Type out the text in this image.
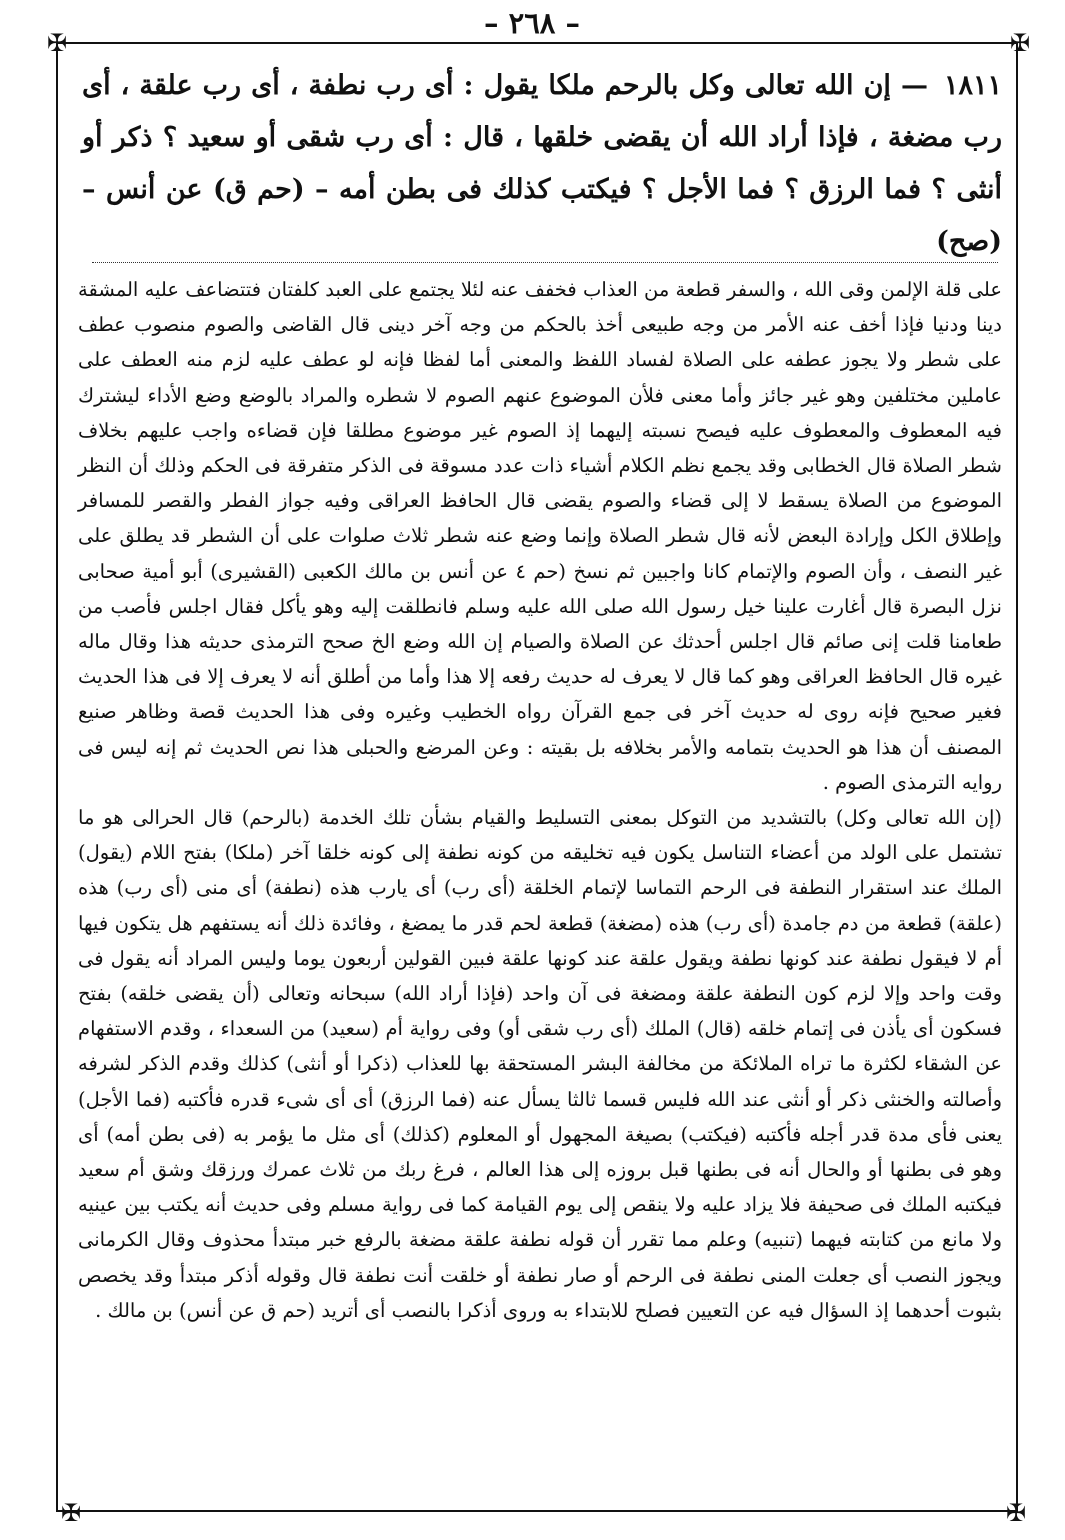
– ٢٦٨ –
✠	✠
✠	✠

١٨١١ — إن الله تعالى وكل بالرحم ملكا يقول : أى رب نطفة ، أى رب علقة ، أى رب مضغة ، فإذا أراد الله أن يقضى خلقها ، قال : أى رب شقى أو سعيد ؟ ذكر أو أنثى ؟ فما الرزق ؟ فما الأجل ؟ فيكتب كذلك فى بطن أمه – (حم ق) عن أنس – (صح)

على قلة الإلمن وقى الله ، والسفر قطعة من العذاب فخفف عنه لئلا يجتمع على العبد كلفتان فتتضاعف عليه المشقة دينا ودنيا فإذا أخف عنه الأمر من وجه طبيعى أخذ بالحكم من وجه آخر دينى قال القاضى والصوم منصوب عطف على شطر ولا يجوز عطفه على الصلاة لفساد اللفظ والمعنى أما لفظا فإنه لو عطف عليه لزم منه العطف على عاملين مختلفين وهو غير جائز وأما معنى فلأن الموضوع عنهم الصوم لا شطره والمراد بالوضع وضع الأداء ليشترك فيه المعطوف والمعطوف عليه فيصح نسبته إليهما إذ الصوم غير موضوع مطلقا فإن قضاءه واجب عليهم بخلاف شطر الصلاة قال الخطابى وقد يجمع نظم الكلام أشياء ذات عدد مسوقة فى الذكر متفرقة فى الحكم وذلك أن النظر الموضوع من الصلاة يسقط لا إلى قضاء والصوم يقضى قال الحافظ العراقى وفيه جواز الفطر والقصر للمسافر وإطلاق الكل وإرادة البعض لأنه قال شطر الصلاة وإنما وضع عنه شطر ثلاث صلوات على أن الشطر قد يطلق على غير النصف ، وأن الصوم والإتمام كانا واجبين ثم نسخ (حم ٤ عن أنس بن مالك الكعبى (القشيرى) أبو أمية صحابى نزل البصرة قال أغارت علينا خيل رسول الله صلى الله عليه وسلم فانطلقت إليه وهو يأكل فقال اجلس فأصب من طعامنا قلت إنى صائم قال اجلس أحدثك عن الصلاة والصيام إن الله وضع الخ صحح الترمذى حديثه هذا وقال ماله غيره قال الحافظ العراقى وهو كما قال لا يعرف له حديث رفعه إلا هذا وأما من أطلق أنه لا يعرف إلا فى هذا الحديث فغير صحيح فإنه روى له حديث آخر فى جمع القرآن رواه الخطيب وغيره وفى هذا الحديث قصة وظاهر صنيع المصنف أن هذا هو الحديث بتمامه والأمر بخلافه بل بقيته : وعن المرضع والحبلى هذا نص الحديث ثم إنه ليس فى روايه الترمذى الصوم .

(إن الله تعالى وكل) بالتشديد من التوكل بمعنى التسليط والقيام بشأن تلك الخدمة (بالرحم) قال الحرالى هو ما تشتمل على الولد من أعضاء التناسل يكون فيه تخليقه من كونه نطفة إلى كونه خلقا آخر (ملكا) بفتح اللام (يقول) الملك عند استقرار النطفة فى الرحم التماسا لإتمام الخلقة (أى رب) أى يارب هذه (نطفة) أى منى (أى رب) هذه (علقة) قطعة من دم جامدة (أى رب) هذه (مضغة) قطعة لحم قدر ما يمضغ ، وفائدة ذلك أنه يستفهم هل يتكون فيها أم لا فيقول نطفة عند كونها نطفة ويقول علقة عند كونها علقة فبين القولين أربعون يوما وليس المراد أنه يقول فى وقت واحد وإلا لزم كون النطفة علقة ومضغة فى آن واحد (فإذا أراد الله) سبحانه وتعالى (أن يقضى خلقه) بفتح فسكون أى يأذن فى إتمام خلقه (قال) الملك (أى رب شقى أو) وفى رواية أم (سعيد) من السعداء ، وقدم الاستفهام عن الشقاء لكثرة ما تراه الملائكة من مخالفة البشر المستحقة بها للعذاب (ذكرا أو أنثى) كذلك وقدم الذكر لشرفه وأصالته والخنثى ذكر أو أنثى عند الله فليس قسما ثالثا يسأل عنه (فما الرزق) أى أى شىء قدره فأكتبه (فما الأجل) يعنى فأى مدة قدر أجله فأكتبه (فيكتب) بصيغة المجهول أو المعلوم (كذلك) أى مثل ما يؤمر به (فى بطن أمه) أى وهو فى بطنها أو والحال أنه فى بطنها قبل بروزه إلى هذا العالم ، فرغ ربك من ثلاث عمرك ورزقك وشق أم سعيد فيكتبه الملك فى صحيفة فلا يزاد عليه ولا ينقص إلى يوم القيامة كما فى رواية مسلم وفى حديث أنه يكتب بين عينيه ولا مانع من كتابته فيهما (تنبيه) وعلم مما تقرر أن قوله نطفة علقة مضغة بالرفع خبر مبتدأ محذوف وقال الكرمانى ويجوز النصب أى جعلت المنى نطفة فى الرحم أو صار نطفة أو خلقت أنت نطفة قال وقوله أذكر مبتدأ وقد يخصص بثبوت أحدهما إذ السؤال فيه عن التعيين فصلح للابتداء به وروى أذكرا بالنصب أى أتريد (حم ق عن أنس) بن مالك .
